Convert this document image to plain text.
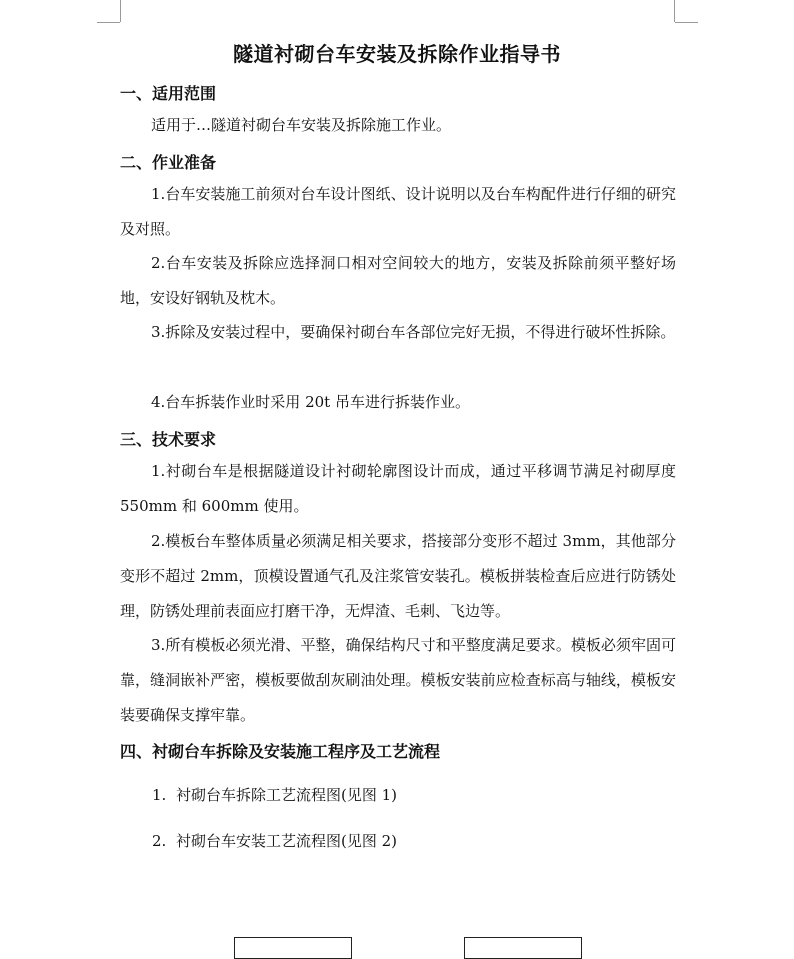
隧道衬砌台车安装及拆除作业指导书
一、适用范围

适用于…隧道衬砌台车安装及拆除施工作业。

二、作业准备

1.台车安装施工前须对台车设计图纸、设计说明以及台车构配件进行仔细的研究及对照。

2.台车安装及拆除应选择洞口相对空间较大的地方，安装及拆除前须平整好场地，安设好钢轨及枕木。

3.拆除及安装过程中，要确保衬砌台车各部位完好无损，不得进行破坏性拆除。

4.台车拆装作业时采用 20t 吊车进行拆装作业。

三、技术要求

1.衬砌台车是根据隧道设计衬砌轮廓图设计而成，通过平移调节满足衬砌厚度 550mm 和 600mm 使用。

2.模板台车整体质量必须满足相关要求，搭接部分变形不超过 3mm，其他部分变形不超过 2mm，顶模设置通气孔及注浆管安装孔。模板拼装检查后应进行防锈处理，防锈处理前表面应打磨干净，无焊渣、毛刺、飞边等。

3.所有模板必须光滑、平整，确保结构尺寸和平整度满足要求。模板必须牢固可靠，缝洞嵌补严密，模板要做刮灰刷油处理。模板安装前应检查标高与轴线，模板安装要确保支撑牢靠。

四、衬砌台车拆除及安装施工程序及工艺流程
1. 衬砌台车拆除工艺流程图(见图 1)
2. 衬砌台车安装工艺流程图(见图 2)
